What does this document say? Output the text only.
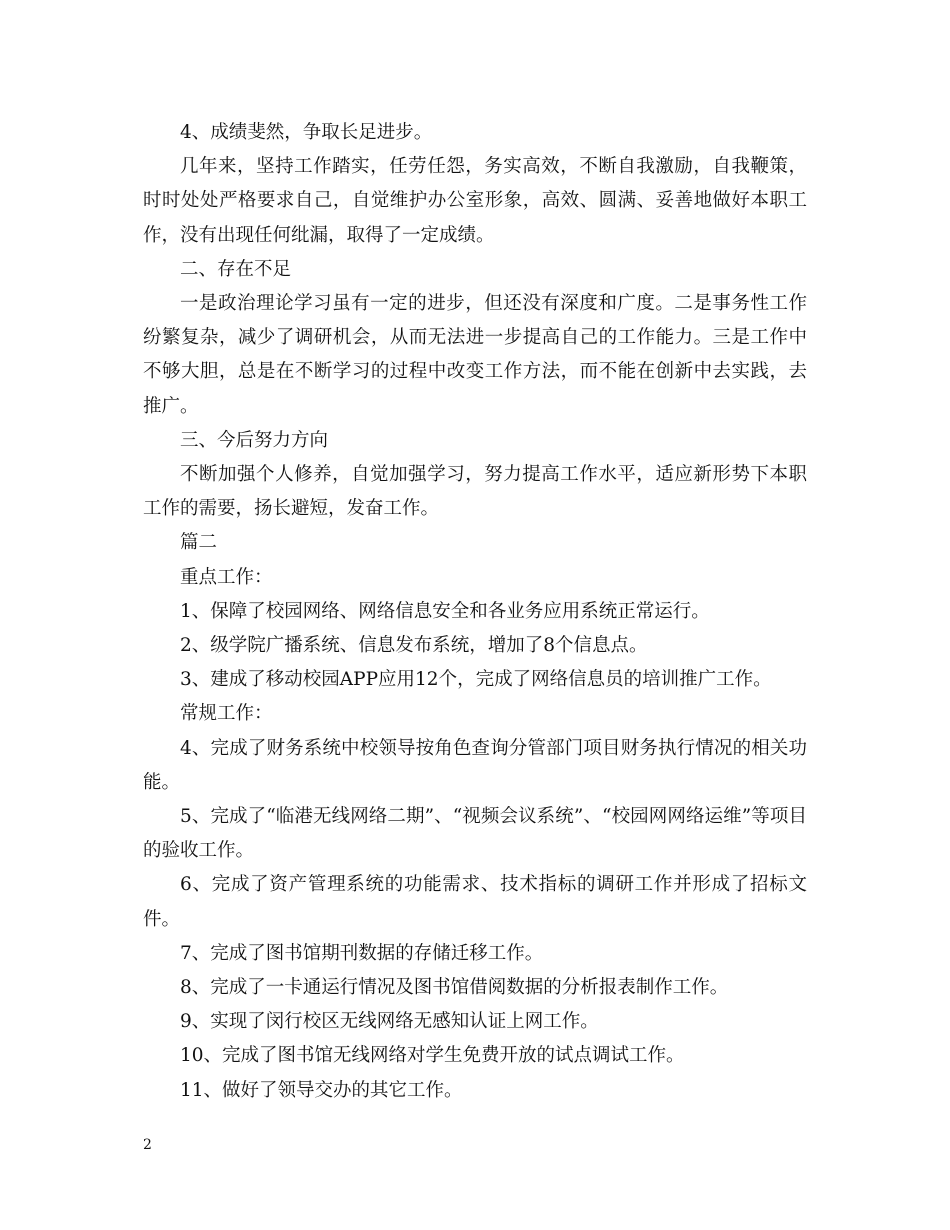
4、成绩斐然，争取长足进步。

几年来，坚持工作踏实，任劳任怨，务实高效，不断自我激励，自我鞭策，时时处处严格要求自己，自觉维护办公室形象，高效、圆满、妥善地做好本职工作，没有出现任何纰漏，取得了一定成绩。

二、存在不足

一是政治理论学习虽有一定的进步，但还没有深度和广度。二是事务性工作纷繁复杂，减少了调研机会，从而无法进一步提高自己的工作能力。三是工作中不够大胆，总是在不断学习的过程中改变工作方法，而不能在创新中去实践，去推广。

三、今后努力方向

不断加强个人修养，自觉加强学习，努力提高工作水平，适应新形势下本职工作的需要，扬长避短，发奋工作。

篇二

重点工作：

1、保障了校园网络、网络信息安全和各业务应用系统正常运行。

2、级学院广播系统、信息发布系统，增加了8个信息点。

3、建成了移动校园APP应用12个，完成了网络信息员的培训推广工作。

常规工作：

4、完成了财务系统中校领导按角色查询分管部门项目财务执行情况的相关功能。

5、完成了“临港无线网络二期”、“视频会议系统”、“校园网网络运维”等项目的验收工作。

6、完成了资产管理系统的功能需求、技术指标的调研工作并形成了招标文件。

7、完成了图书馆期刊数据的存储迁移工作。

8、完成了一卡通运行情况及图书馆借阅数据的分析报表制作工作。

9、实现了闵行校区无线网络无感知认证上网工作。

10、完成了图书馆无线网络对学生免费开放的试点调试工作。

11、做好了领导交办的其它工作。

2
